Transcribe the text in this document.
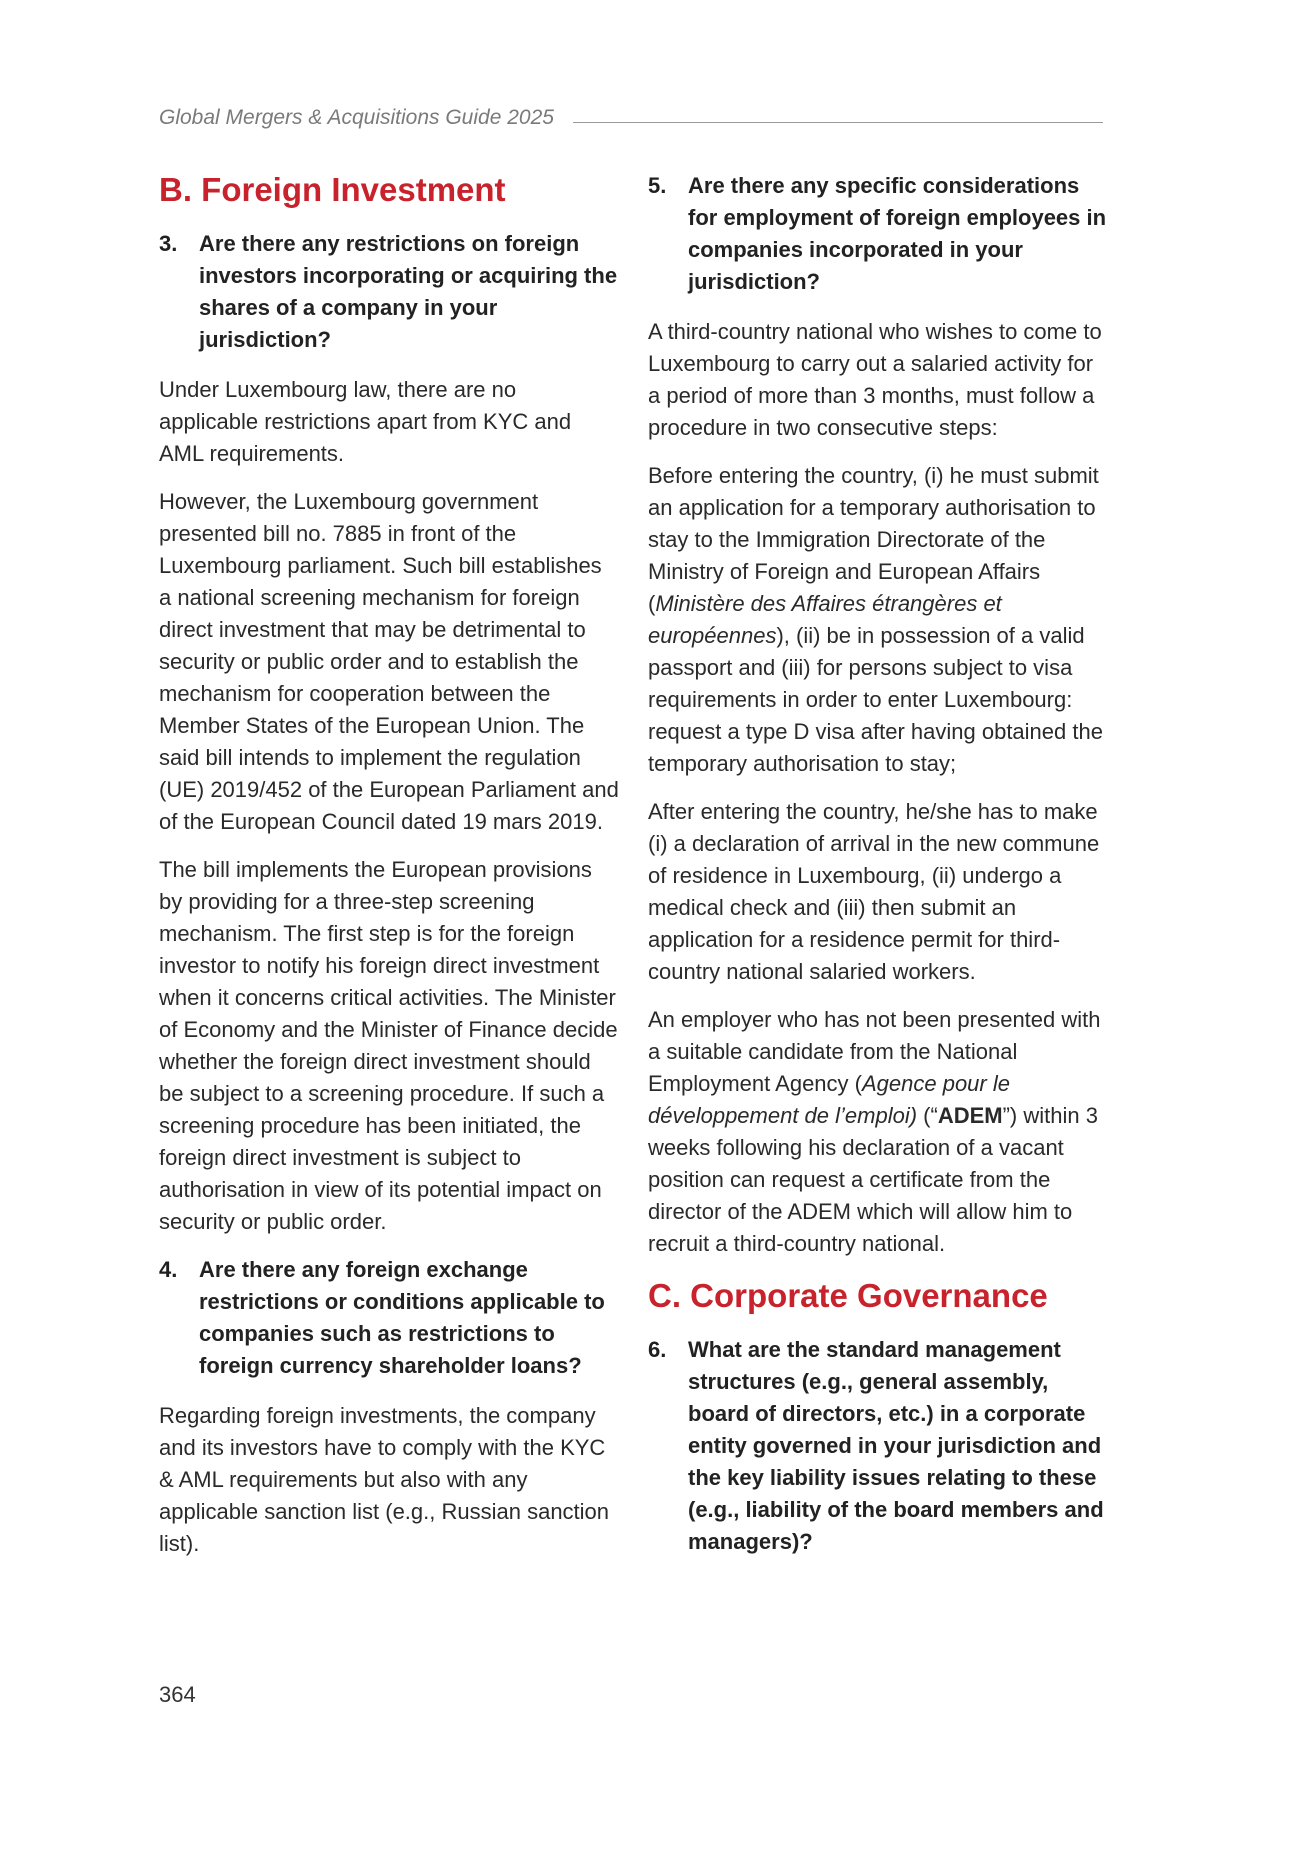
Global Mergers & Acquisitions Guide 2025
B. Foreign Investment
3. Are there any restrictions on foreign investors incorporating or acquiring the shares of a company in your jurisdiction?

Under Luxembourg law, there are no applicable restrictions apart from KYC and AML requirements.

However, the Luxembourg government presented bill no. 7885 in front of the Luxembourg parliament. Such bill establishes a national screening mechanism for foreign direct investment that may be detrimental to security or public order and to establish the mechanism for cooperation between the Member States of the European Union. The said bill intends to implement the regulation (UE) 2019/452 of the European Parliament and of the European Council dated 19 mars 2019.

The bill implements the European provisions by providing for a three-step screening mechanism. The first step is for the foreign investor to notify his foreign direct investment when it concerns critical activities. The Minister of Economy and the Minister of Finance decide whether the foreign direct investment should be subject to a screening procedure. If such a screening procedure has been initiated, the foreign direct investment is subject to authorisation in view of its potential impact on security or public order.

4. Are there any foreign exchange restrictions or conditions applicable to companies such as restrictions to foreign currency shareholder loans?

Regarding foreign investments, the company and its investors have to comply with the KYC & AML requirements but also with any applicable sanction list (e.g., Russian sanction list).

5. Are there any specific considerations for employment of foreign employees in companies incorporated in your jurisdiction?

A third-country national who wishes to come to Luxembourg to carry out a salaried activity for a period of more than 3 months, must follow a procedure in two consecutive steps:

Before entering the country, (i) he must submit an application for a temporary authorisation to stay to the Immigration Directorate of the Ministry of Foreign and European Affairs (Ministère des Affaires étrangères et européennes), (ii) be in possession of a valid passport and (iii) for persons subject to visa requirements in order to enter Luxembourg: request a type D visa after having obtained the temporary authorisation to stay;

After entering the country, he/she has to make (i) a declaration of arrival in the new commune of residence in Luxembourg, (ii) undergo a medical check and (iii) then submit an application for a residence permit for third-country national salaried workers.

An employer who has not been presented with a suitable candidate from the National Employment Agency (Agence pour le développement de l’emploi) (“ADEM”) within 3 weeks following his declaration of a vacant position can request a certificate from the director of the ADEM which will allow him to recruit a third-country national.

C. Corporate Governance
6. What are the standard management structures (e.g., general assembly, board of directors, etc.) in a corporate entity governed in your jurisdiction and the key liability issues relating to these (e.g., liability of the board members and managers)?
364
